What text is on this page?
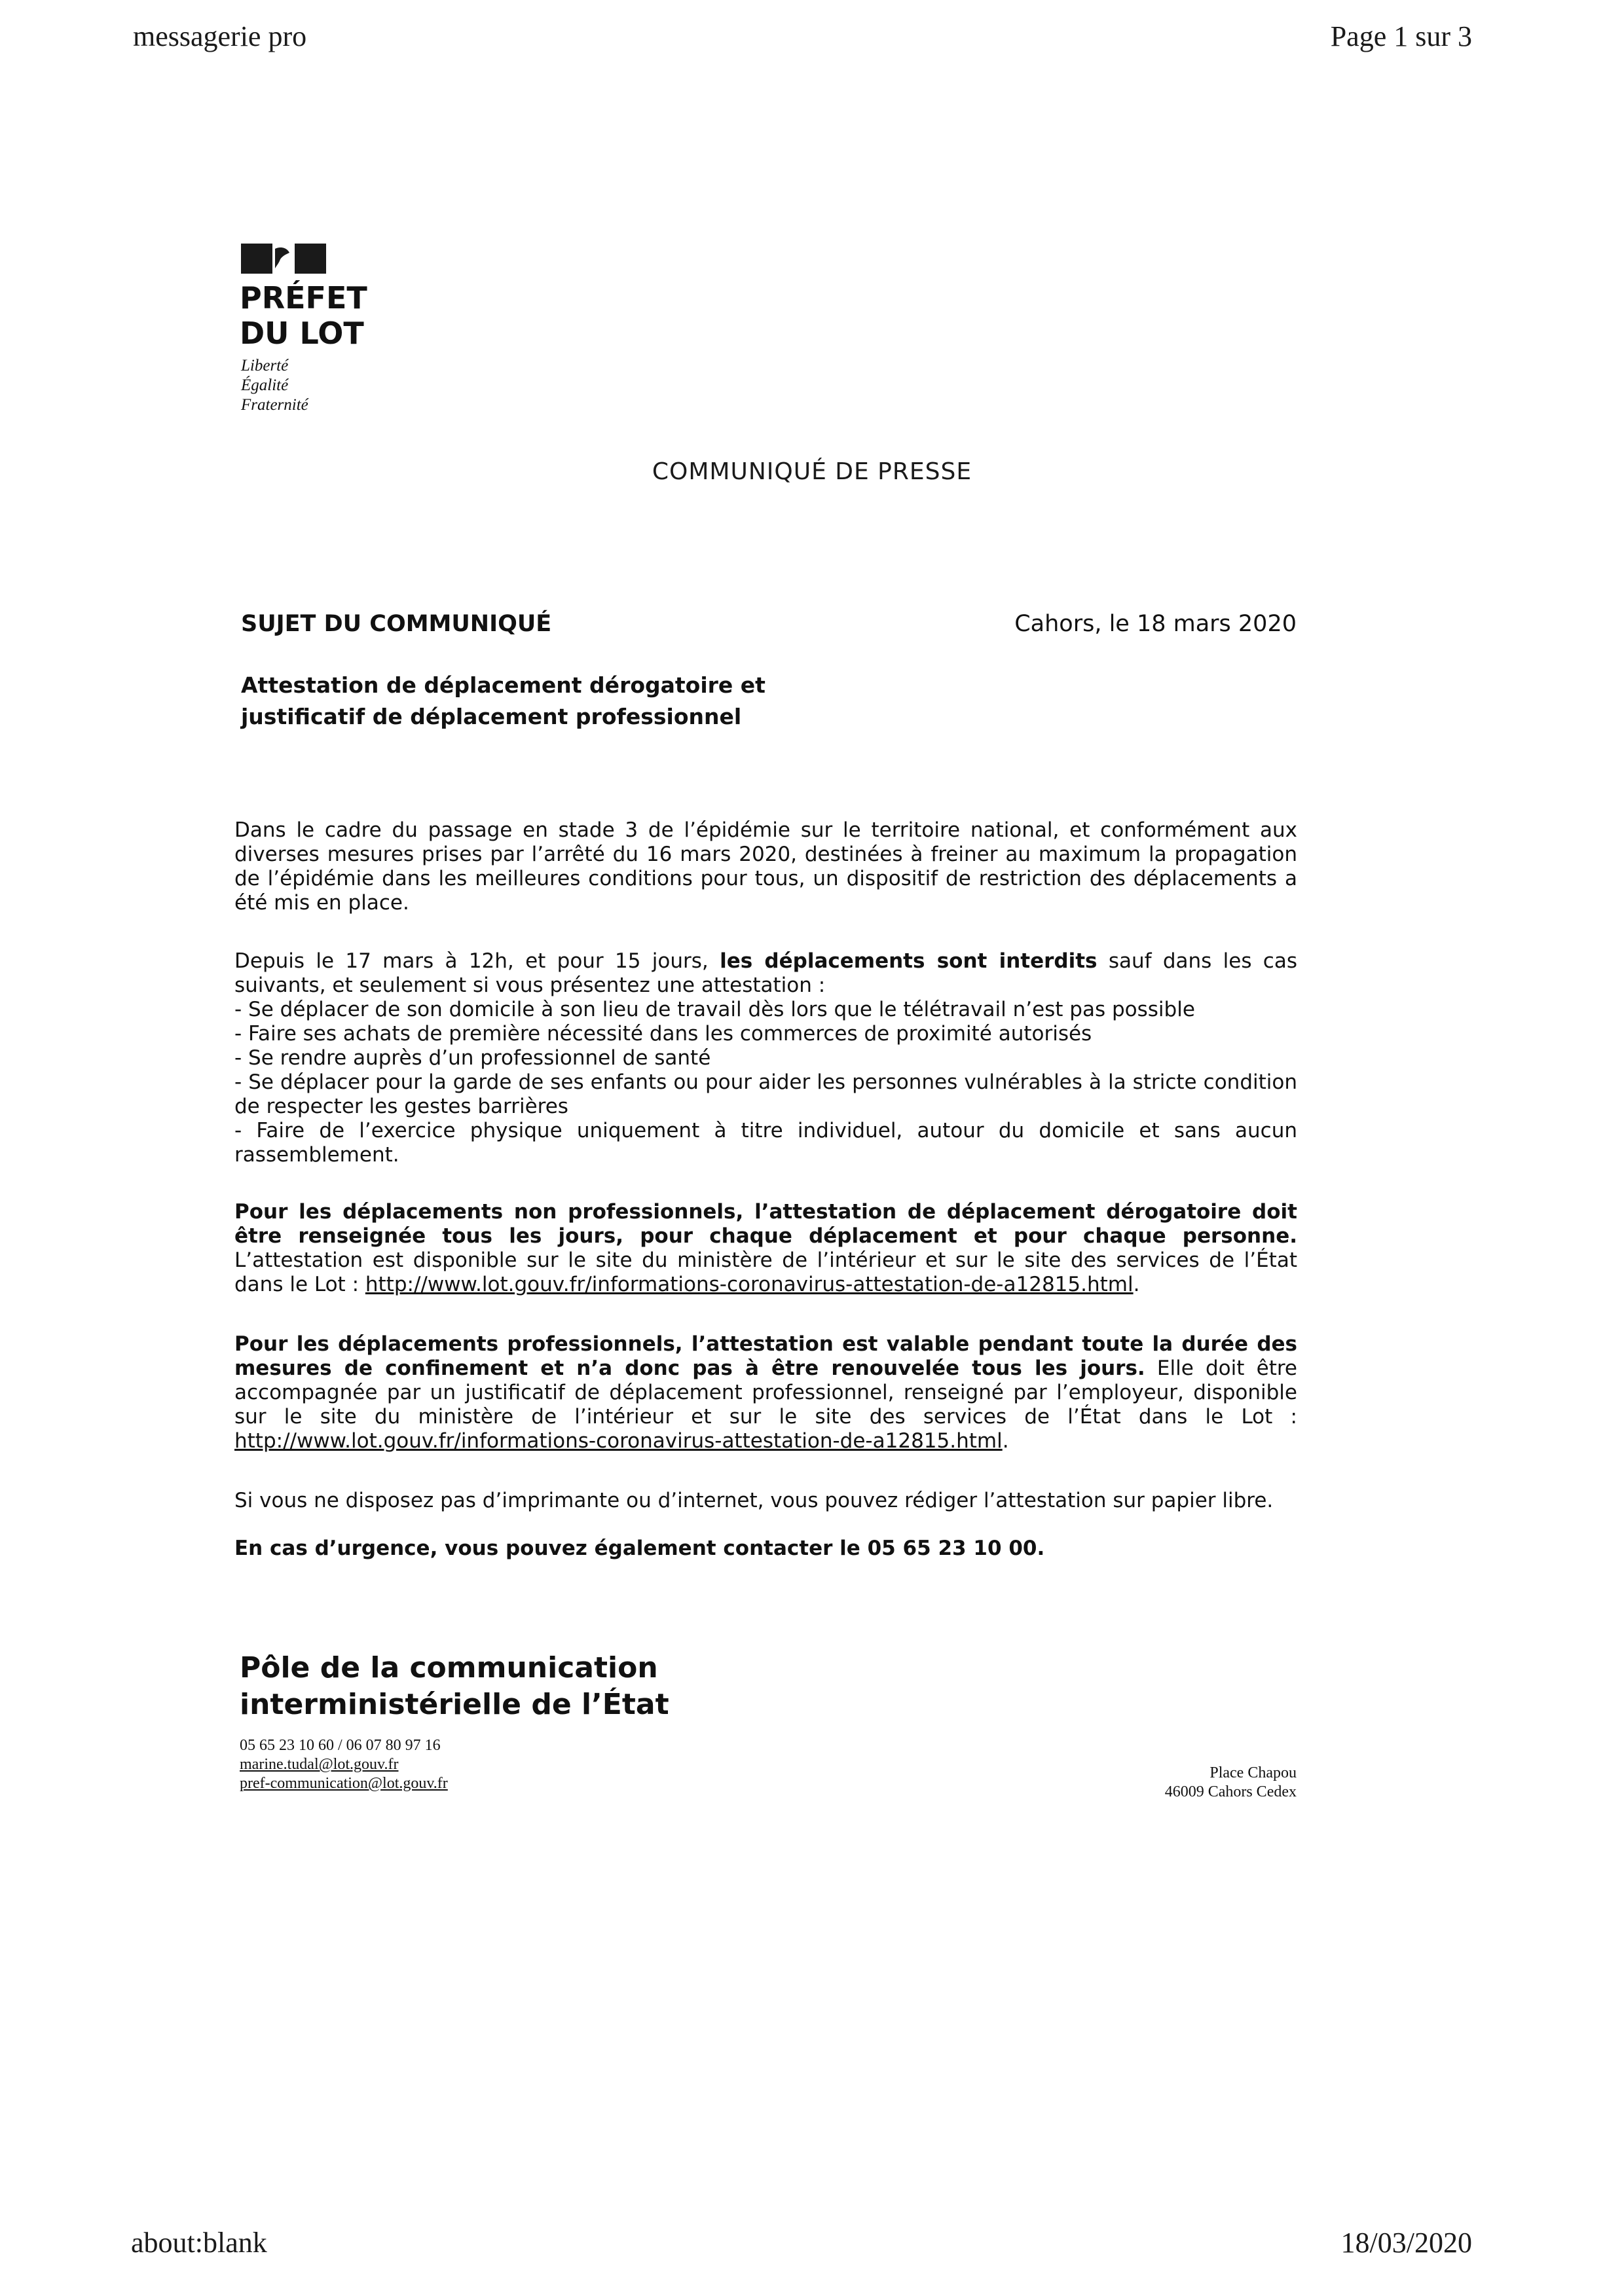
messagerie pro	Page 1 sur 3
about:blank	18/03/2020
PRÉFET
DU LOT
Liberté
Égalité
Fraternité
COMMUNIQUÉ DE PRESSE
SUJET DU COMMUNIQUÉ	Cahors, le 18 mars 2020
Attestation de déplacement dérogatoire et
justificatif de déplacement professionnel
Dans le cadre du passage en stade 3 de l’épidémie sur le territoire national, et conformément aux diverses mesures prises par l’arrêté du 16 mars 2020, destinées à freiner au maximum la propagation de l’épidémie dans les meilleures conditions pour tous, un dispositif de restriction des déplacements a été mis en place.
Depuis le 17 mars à 12h, et pour 15 jours, les déplacements sont interdits sauf dans les cas suivants, et seulement si vous présentez une attestation :
- Se déplacer de son domicile à son lieu de travail dès lors que le télétravail n’est pas possible
- Faire ses achats de première nécessité dans les commerces de proximité autorisés
- Se rendre auprès d’un professionnel de santé
- Se déplacer pour la garde de ses enfants ou pour aider les personnes vulnérables à la stricte condition de respecter les gestes barrières
- Faire de l’exercice physique uniquement à titre individuel, autour du domicile et sans aucun rassemblement.
Pour les déplacements non professionnels, l’attestation de déplacement dérogatoire doit être renseignée tous les jours, pour chaque déplacement et pour chaque personne. L’attestation est disponible sur le site du ministère de l’intérieur et sur le site des services de l’État dans le Lot : http://www.lot.gouv.fr/informations-coronavirus-attestation-de-a12815.html.
Pour les déplacements professionnels, l’attestation est valable pendant toute la durée des mesures de confinement et n’a donc pas à être renouvelée tous les jours. Elle doit être accompagnée par un justificatif de déplacement professionnel, renseigné par l’employeur, disponible sur le site du ministère de l’intérieur et sur le site des services de l’État dans le Lot : http://www.lot.gouv.fr/informations-coronavirus-attestation-de-a12815.html.
Si vous ne disposez pas d’imprimante ou d’internet, vous pouvez rédiger l’attestation sur papier libre.
En cas d’urgence, vous pouvez également contacter le 05 65 23 10 00.
Pôle de la communication
interministérielle de l’État
05 65 23 10 60 / 06 07 80 97 16
marine.tudal@lot.gouv.fr
pref-communication@lot.gouv.fr
Place Chapou
46009 Cahors Cedex
